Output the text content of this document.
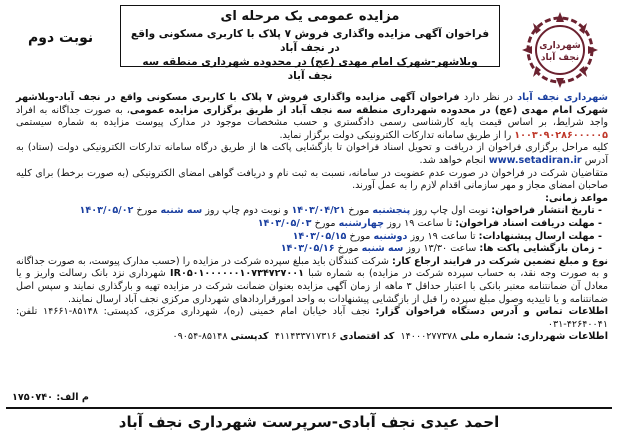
مزایده عمومی یک مرحله ای
فراخوان آگهی مزایده واگذاری فروش ۷ پلاک با کاربری مسکونی واقع در نجف آباد
ویلاشهر-شهرک امام مهدی (عج) در محدوده شهرداری منطقه سه نجف آباد
نوبت دوم	شهرداری
نجف آباد

شهرداری نجف آباد در نظر دارد فراخوان آگهی مزایده واگذاری فروش ۷ پلاک با کاربری مسکونی واقع در نجف آباد-ویلاشهر شهرک امام مهدی (عج) در محدوده شهرداری منطقه سه نجف آباد از طریق برگزاری مزایده عمومی، به صورت جداگانه به افراد واجد شرایط، بر اساس قیمت پایه کارشناسی رسمی دادگستری و حسب مشخصات موجود در مدارک پیوست مزایده به شماره سیستمی ۱۰۰۳۰۹۰۲۸۶۰۰۰۰۰۵ را از طریق سامانه تدارکات الکترونیکی دولت برگزار نماید.

کلیه مراحل برگزاری فراخوان از دریافت و تحویل اسناد فراخوان تا بازگشایی پاکت ها از طریق درگاه سامانه تدارکات الکترونیکی دولت (ستاد) به آدرس www.setadiran.ir انجام خواهد شد.

متقاضیان شرکت در فراخوان در صورت عدم عضویت در سامانه، نسبت به ثبت نام و دریافت گواهی امضای الکترونیکی (به صورت برخط) برای کلیه صاحبان امضای مجاز و مهر سازمانی اقدام لازم را به عمل آورند.

مواعد زمانی:

- تاریخ انتشار فراخوان: نوبت اول چاپ روز پنجشنبه مورخ ۱۴۰۳/۰۴/۲۱ و نوبت دوم چاپ روز سه شنبه مورخ ۱۴۰۳/۰۵/۰۲

- مهلت دریافت اسناد فراخوان: تا ساعت ۱۹ روز چهارشنبه مورخ ۱۴۰۳/۰۵/۰۳

- مهلت ارسال پیشنهادات: تا ساعت ۱۹ روز دوشنبه مورخ ۱۴۰۳/۰۵/۱۵

- زمان بازگشایی پاکت ها: ساعت ۱۳/۳۰ روز سه شنبه مورخ ۱۴۰۳/۰۵/۱۶

نوع و مبلغ تضمین شرکت در فرایند ارجاع کار: شرکت کنندگان باید مبلغ سپرده شرکت در مزایده را (حسب مدارک پیوست، به صورت جداگانه و به صورت وجه نقد، به حساب سپرده شرکت در مزایده) به شماره شبا IR۰۵۰۱۰۰۰۰۰۰۱۰۷۳۴۷۲۷۰۰۱ شهرداری نزد بانک رسالت واریز و یا معادل آن ضمانتنامه معتبر بانکی با اعتبار حداقل ۳ ماهه از زمان آگهی مزایده بعنوان ضمانت شرکت در مزایده تهیه و بارگذاری نمایند و سپس اصل ضمانتنامه و یا تاییدیه وصول مبلغ سپرده را قبل از بازگشایی پیشنهادات به واحد امورقراردادهای شهرداری مرکزی نجف آباد ارسال نمایند.

اطلاعات تماس و آدرس دستگاه فراخوان گزار: نجف آباد خیابان امام خمینی (ره)، شهرداری مرکزی، کدپستی: ۸۵۱۴۸-۱۴۶۶۱ تلفن: ۴۲۶۴۰۰۴۱-۰۳۱

اطلاعات شهرداری: شماره ملی ۱۴۰۰۰۲۷۷۳۷۸  کد اقتصادی ۴۱۱۴۳۳۷۱۷۳۱۶  کدپستی ۸۵۱۴۸-۰۹۰۵۴

م الف: ۱۷۵۰۷۴۰
احمد عیدی نجف آبادی-سرپرست شهرداری نجف آباد
